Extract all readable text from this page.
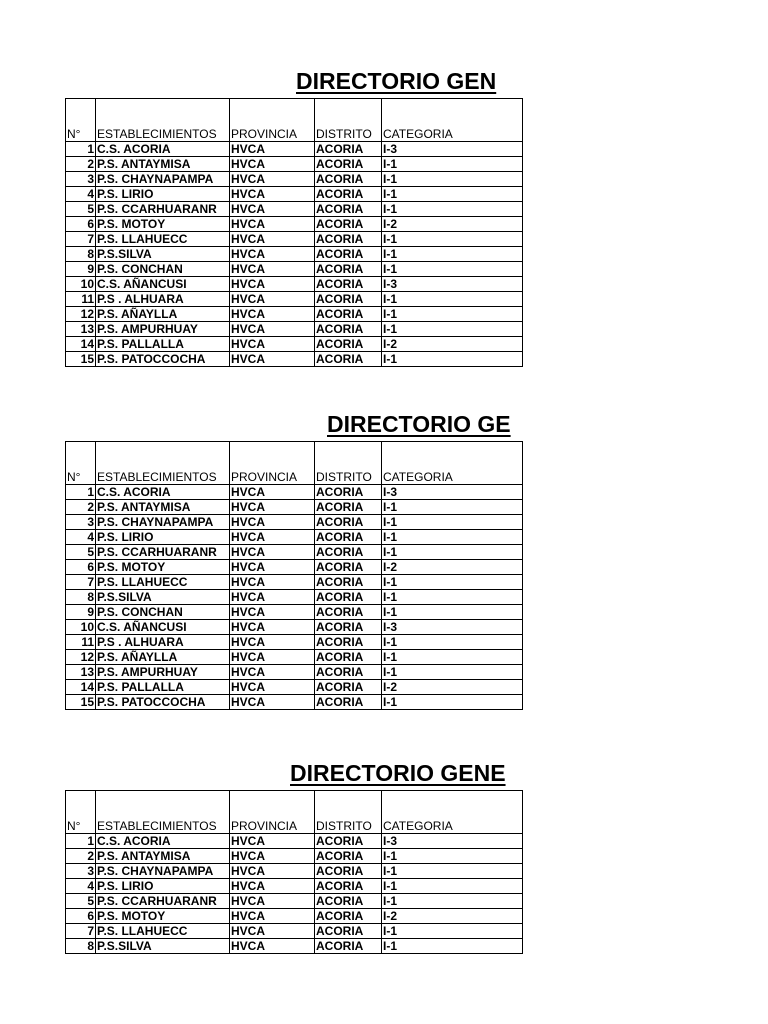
DIRECTORIO GEN
N°	ESTABLECIMIENTOS	PROVINCIA	DISTRITO	CATEGORIA
1	C.S. ACORIA	HVCA	ACORIA	I-3
2	P.S. ANTAYMISA	HVCA	ACORIA	I-1
3	P.S. CHAYNAPAMPA	HVCA	ACORIA	I-1
4	P.S. LIRIO	HVCA	ACORIA	I-1
5	P.S. CCARHUARANR	HVCA	ACORIA	I-1
6	P.S. MOTOY	HVCA	ACORIA	I-2
7	P.S. LLAHUECC	HVCA	ACORIA	I-1
8	P.S.SILVA	HVCA	ACORIA	I-1
9	P.S. CONCHAN	HVCA	ACORIA	I-1
10	C.S. AÑANCUSI	HVCA	ACORIA	I-3
11	P.S . ALHUARA	HVCA	ACORIA	I-1
12	P.S. AÑAYLLA	HVCA	ACORIA	I-1
13	P.S. AMPURHUAY	HVCA	ACORIA	I-1
14	P.S. PALLALLA	HVCA	ACORIA	I-2
15	P.S. PATOCCOCHA	HVCA	ACORIA	I-1
DIRECTORIO GE
N°	ESTABLECIMIENTOS	PROVINCIA	DISTRITO	CATEGORIA
1	C.S. ACORIA	HVCA	ACORIA	I-3
2	P.S. ANTAYMISA	HVCA	ACORIA	I-1
3	P.S. CHAYNAPAMPA	HVCA	ACORIA	I-1
4	P.S. LIRIO	HVCA	ACORIA	I-1
5	P.S. CCARHUARANR	HVCA	ACORIA	I-1
6	P.S. MOTOY	HVCA	ACORIA	I-2
7	P.S. LLAHUECC	HVCA	ACORIA	I-1
8	P.S.SILVA	HVCA	ACORIA	I-1
9	P.S. CONCHAN	HVCA	ACORIA	I-1
10	C.S. AÑANCUSI	HVCA	ACORIA	I-3
11	P.S . ALHUARA	HVCA	ACORIA	I-1
12	P.S. AÑAYLLA	HVCA	ACORIA	I-1
13	P.S. AMPURHUAY	HVCA	ACORIA	I-1
14	P.S. PALLALLA	HVCA	ACORIA	I-2
15	P.S. PATOCCOCHA	HVCA	ACORIA	I-1
DIRECTORIO GENE
N°	ESTABLECIMIENTOS	PROVINCIA	DISTRITO	CATEGORIA
1	C.S. ACORIA	HVCA	ACORIA	I-3
2	P.S. ANTAYMISA	HVCA	ACORIA	I-1
3	P.S. CHAYNAPAMPA	HVCA	ACORIA	I-1
4	P.S. LIRIO	HVCA	ACORIA	I-1
5	P.S. CCARHUARANR	HVCA	ACORIA	I-1
6	P.S. MOTOY	HVCA	ACORIA	I-2
7	P.S. LLAHUECC	HVCA	ACORIA	I-1
8	P.S.SILVA	HVCA	ACORIA	I-1
